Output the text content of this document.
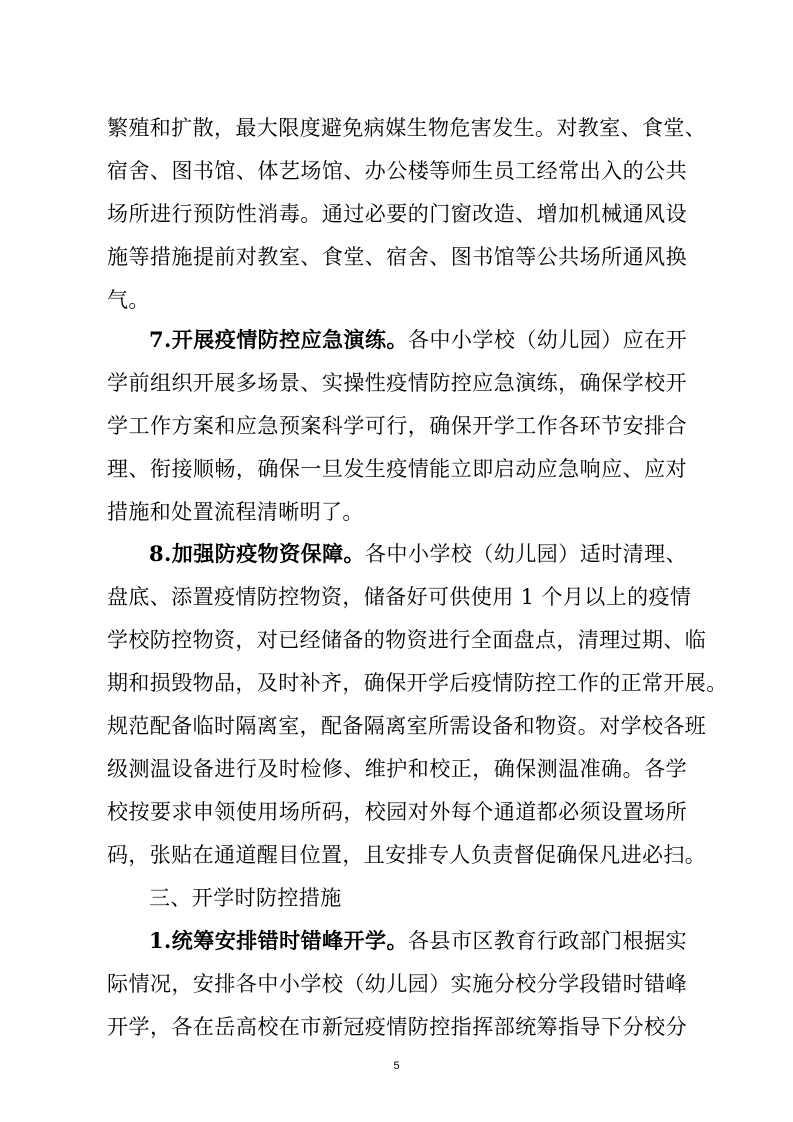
繁殖和扩散，最大限度避免病媒生物危害发生。对教室、食堂、
宿舍、图书馆、体艺场馆、办公楼等师生员工经常出入的公共
场所进行预防性消毒。通过必要的门窗改造、增加机械通风设
施等措施提前对教室、食堂、宿舍、图书馆等公共场所通风换
气。
7.开展疫情防控应急演练。各中小学校（幼儿园）应在开
学前组织开展多场景、实操性疫情防控应急演练，确保学校开
学工作方案和应急预案科学可行，确保开学工作各环节安排合
理、衔接顺畅，确保一旦发生疫情能立即启动应急响应、应对
措施和处置流程清晰明了。
8.加强防疫物资保障。各中小学校（幼儿园）适时清理、
盘底、添置疫情防控物资，储备好可供使用 1 个月以上的疫情
学校防控物资，对已经储备的物资进行全面盘点，清理过期、临
期和损毁物品，及时补齐，确保开学后疫情防控工作的正常开展。
规范配备临时隔离室，配备隔离室所需设备和物资。对学校各班
级测温设备进行及时检修、维护和校正，确保测温准确。各学
校按要求申领使用场所码，校园对外每个通道都必须设置场所
码，张贴在通道醒目位置，且安排专人负责督促确保凡进必扫。
三、开学时防控措施
1.统筹安排错时错峰开学。各县市区教育行政部门根据实
际情况，安排各中小学校（幼儿园）实施分校分学段错时错峰
开学，各在岳高校在市新冠疫情防控指挥部统筹指导下分校分
5
